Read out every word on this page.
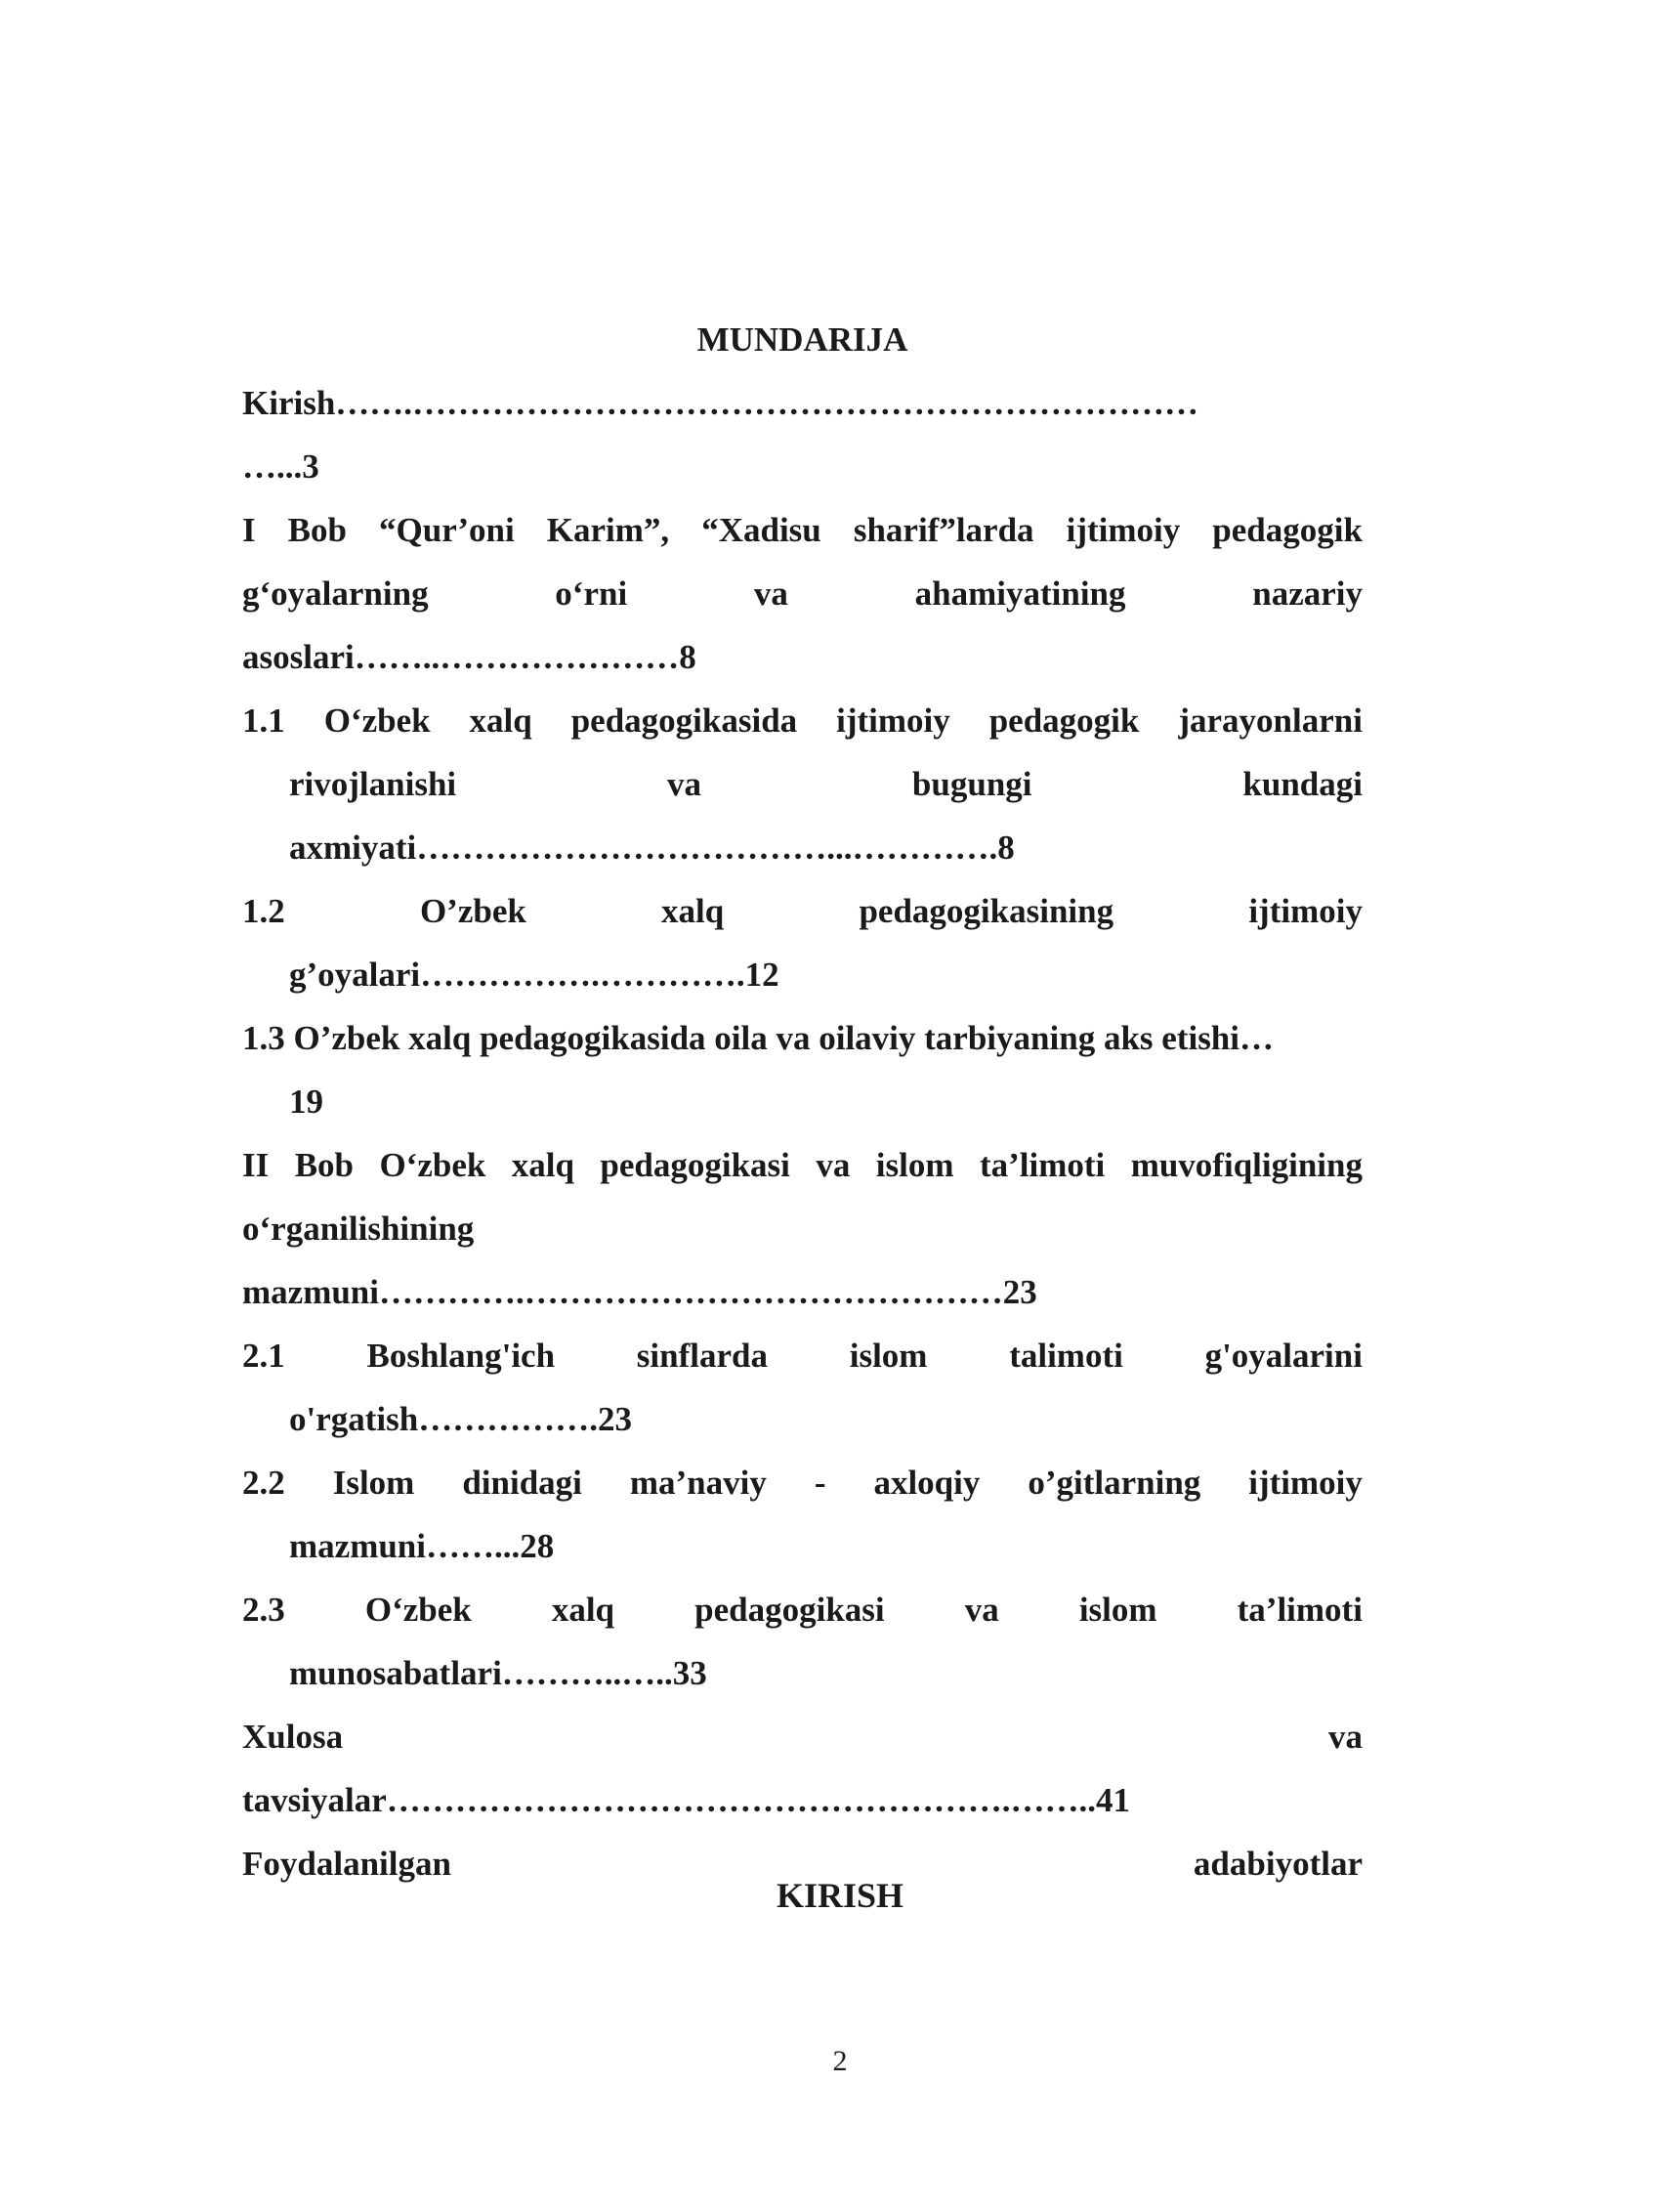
MUNDARIJA
Kirish…….……………………………………………………………
…...3
I Bob “Qur’oni Karim”, “Xadisu sharif”larda ijtimoiy pedagogik
g‘oyalarning	o‘rni	va	ahamiyatining	nazariy
asoslari……..…………………8
1.1 O‘zbek xalq pedagogikasida ijtimoiy pedagogik jarayonlarni
rivojlanishi	va	bugungi	kundagi
axmiyati………………………………...………….8
1.2	O’zbek	xalq	pedagogikasining	ijtimoiy
g’oyalari…………….………….12
1.3 O’zbek xalq pedagogikasida oila va oilaviy tarbiyaning aks etishi…
19
II Bob O‘zbek xalq pedagogikasi va islom ta’limoti muvofiqligining
o‘rganilishining
mazmuni………….……………………………………23
2.1 Boshlang'ich sinflarda islom talimoti g'oyalarini
o'rgatish…………….23
2.2 Islom dinidagi ma’naviy - axloqiy o’gitlarning ijtimoiy
mazmuni……...28
2.3 O‘zbek xalq pedagogikasi va islom ta’limoti
munosabatlari………..…..33
Xulosa	va
tavsiyalar……………………………………………….……..41
Foydalanilgan	adabiyotlar
KIRISH
2
